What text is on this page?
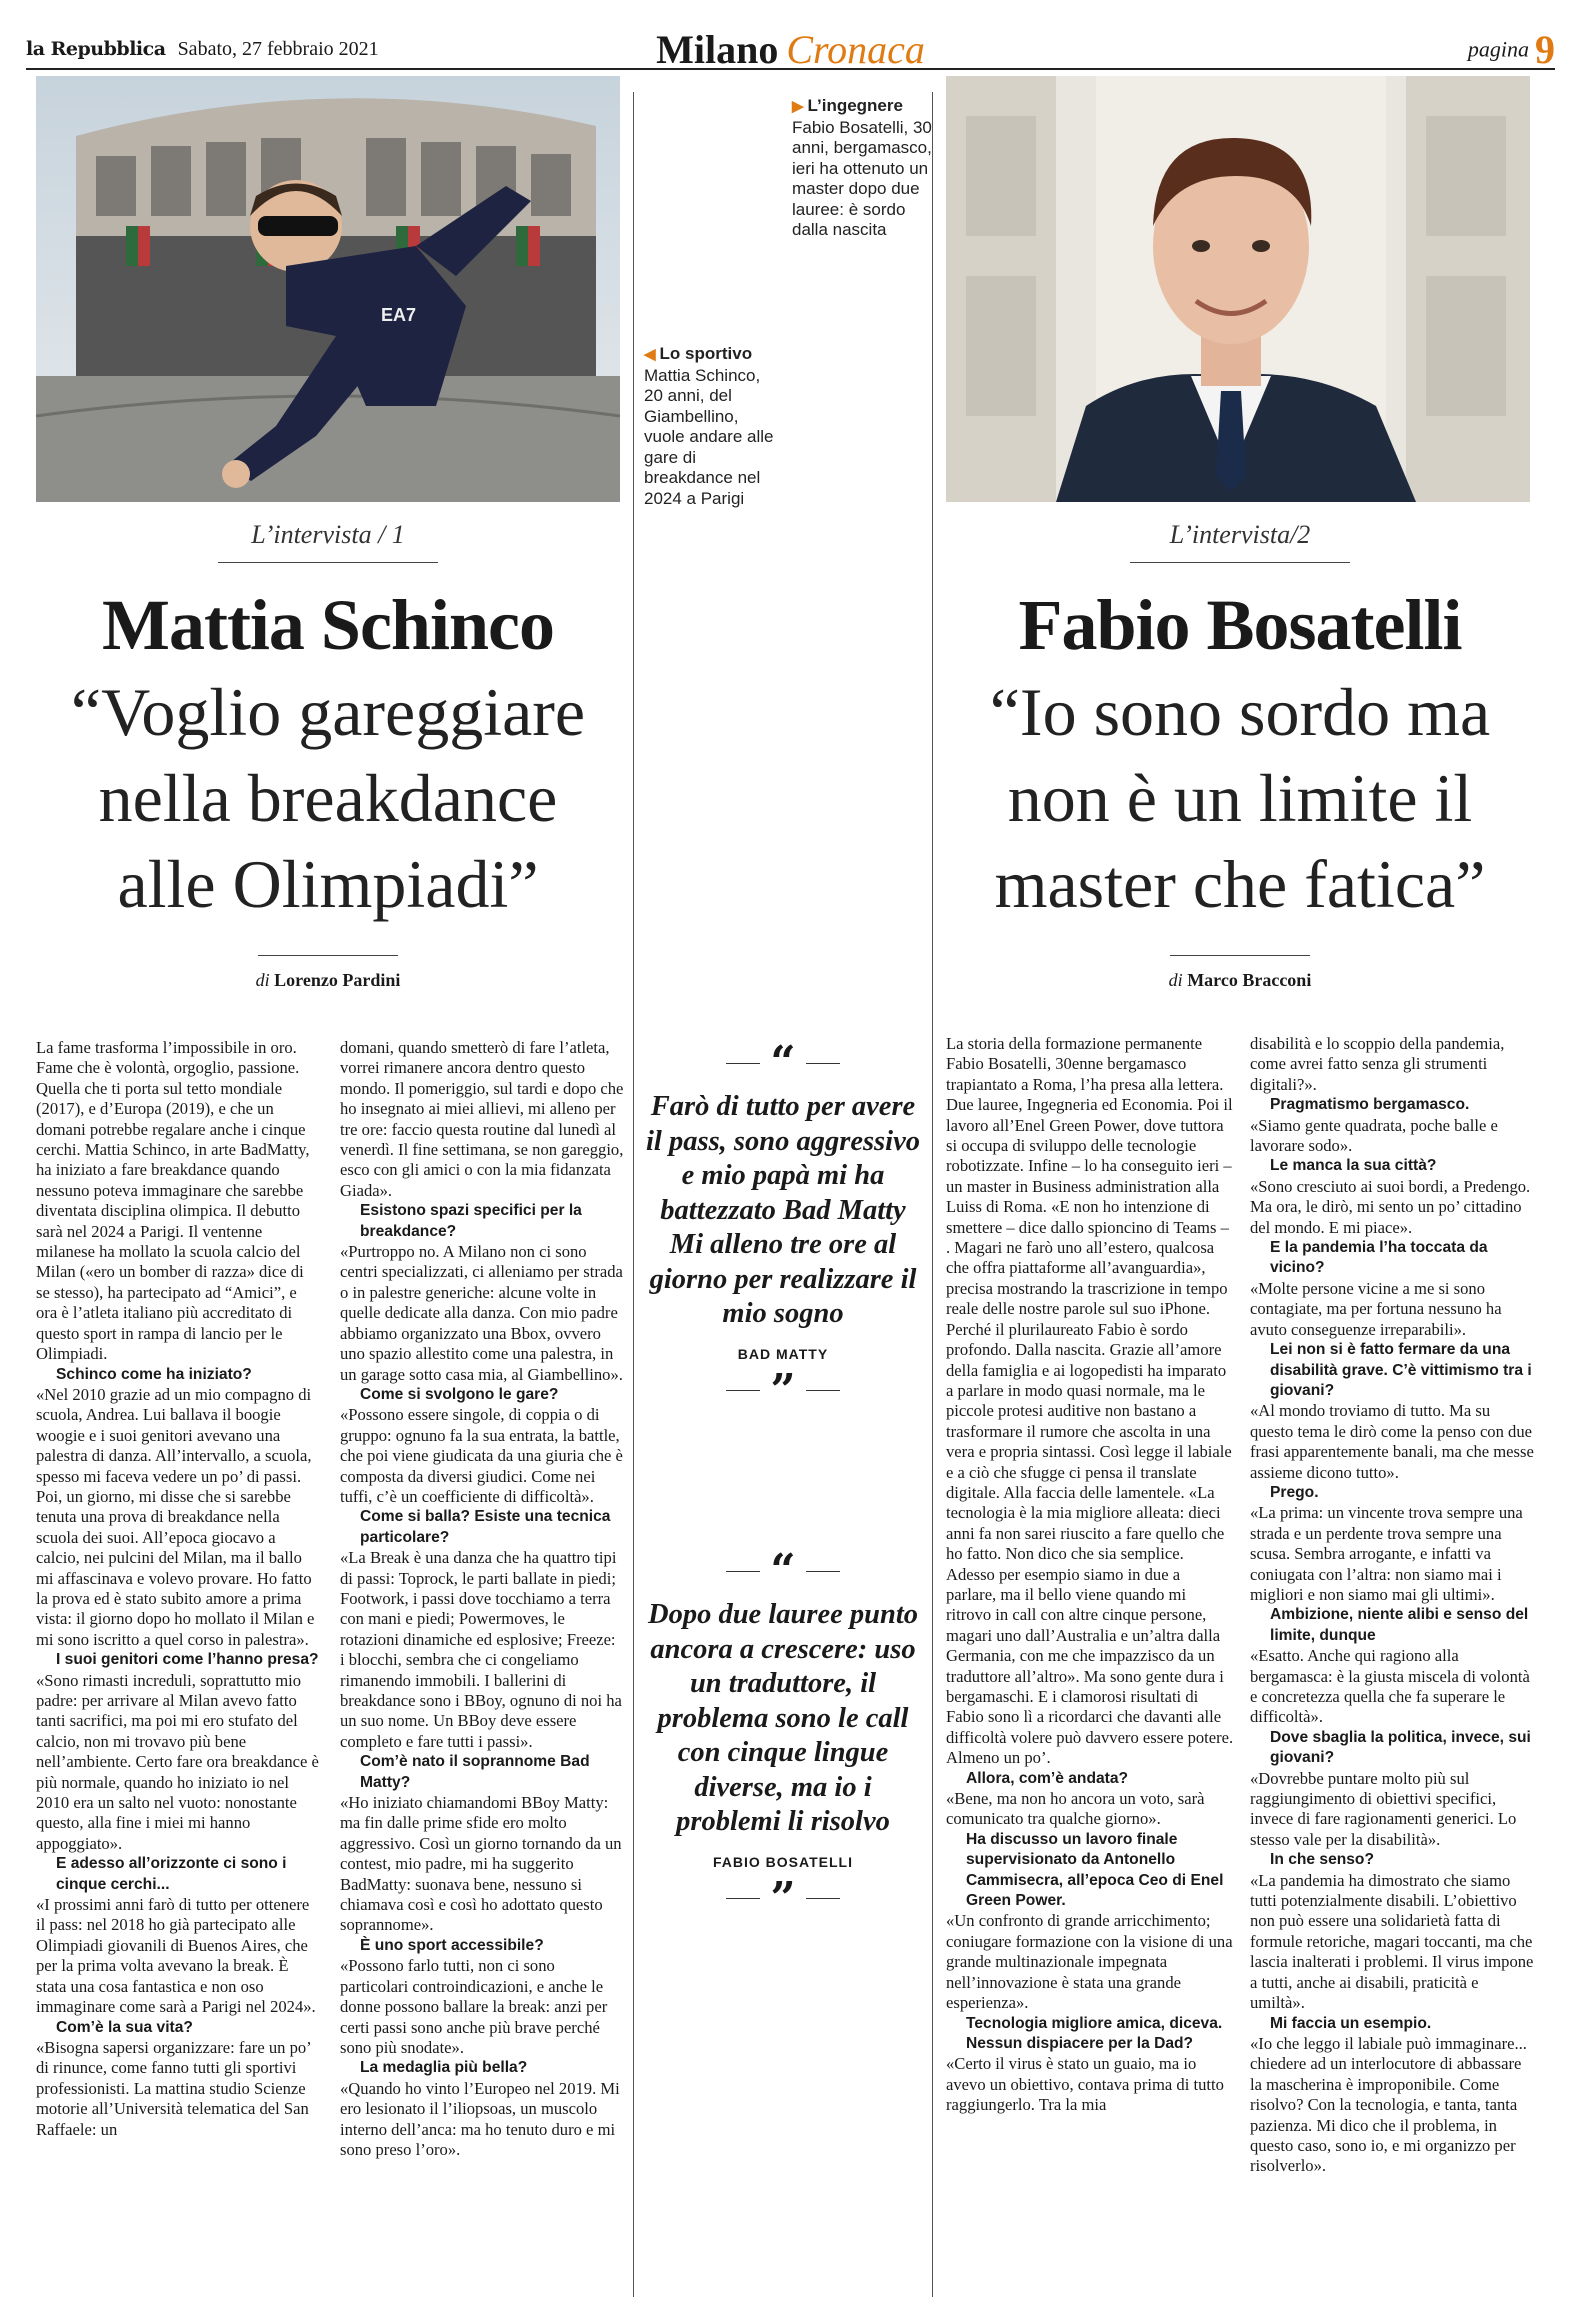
la Repubblica Sabato, 27 febbraio 2021	Milano Cronaca	pagina 9
EA7
▶ L’ingegnere
Fabio Bosatelli, 30 anni, bergamasco, ieri ha ottenuto un master dopo due lauree: è sordo dalla nascita
◀ Lo sportivo
Mattia Schinco, 20 anni, del Giambellino, vuole andare alle gare di breakdance nel 2024 a Parigi
L’intervista / 1
Mattia Schinco
“Voglio gareggiare nella breakdance alle Olimpiadi”
di Lorenzo Pardini
L’intervista/2
Fabio Bosatelli
“Io sono sordo ma non è un limite il master che fatica”
di Marco Bracconi

La fame trasforma l’impossibile in oro. Fame che è volontà, orgoglio, passione. Quella che ti porta sul tetto mondiale (2017), e d’Europa (2019), e che un domani potrebbe regalare anche i cinque cerchi. Mattia Schinco, in arte BadMatty, ha iniziato a fare breakdance quando nessuno poteva immaginare che sarebbe diventata disciplina olimpica. Il debutto sarà nel 2024 a Parigi. Il ventenne milanese ha mollato la scuola calcio del Milan («ero un bomber di razza» dice di se stesso), ha partecipato ad “Amici”, e ora è l’atleta italiano più accreditato di questo sport in rampa di lancio per le Olimpiadi.

Schinco come ha iniziato?

«Nel 2010 grazie ad un mio compagno di scuola, Andrea. Lui ballava il boogie woogie e i suoi genitori avevano una palestra di danza. All’intervallo, a scuola, spesso mi faceva vedere un po’ di passi. Poi, un giorno, mi disse che si sarebbe tenuta una prova di breakdance nella scuola dei suoi. All’epoca giocavo a calcio, nei pulcini del Milan, ma il ballo mi affascinava e volevo provare. Ho fatto la prova ed è stato subito amore a prima vista: il giorno dopo ho mollato il Milan e mi sono iscritto a quel corso in palestra».

I suoi genitori come l’hanno presa?

«Sono rimasti increduli, soprattutto mio padre: per arrivare al Milan avevo fatto tanti sacrifici, ma poi mi ero stufato del calcio, non mi trovavo più bene nell’ambiente. Certo fare ora breakdance è più normale, quando ho iniziato io nel 2010 era un salto nel vuoto: nonostante questo, alla fine i miei mi hanno appoggiato».

E adesso all’orizzonte ci sono i cinque cerchi...

«I prossimi anni farò di tutto per ottenere il pass: nel 2018 ho già partecipato alle Olimpiadi giovanili di Buenos Aires, che per la prima volta avevano la break. È stata una cosa fantastica e non oso immaginare come sarà a Parigi nel 2024».

Com’è la sua vita?

«Bisogna sapersi organizzare: fare un po’ di rinunce, come fanno tutti gli sportivi professionisti. La mattina studio Scienze motorie all’Università telematica del San Raffaele: un

domani, quando smetterò di fare l’atleta, vorrei rimanere ancora dentro questo mondo. Il pomeriggio, sul tardi e dopo che ho insegnato ai miei allievi, mi alleno per tre ore: faccio questa routine dal lunedì al venerdì. Il fine settimana, se non gareggio, esco con gli amici o con la mia fidanzata Giada».

Esistono spazi specifici per la breakdance?

«Purtroppo no. A Milano non ci sono centri specializzati, ci alleniamo per strada o in palestre generiche: alcune volte in quelle dedicate alla danza. Con mio padre abbiamo organizzato una Bbox, ovvero uno spazio allestito come una palestra, in un garage sotto casa mia, al Giambellino».

Come si svolgono le gare?

«Possono essere singole, di coppia o di gruppo: ognuno fa la sua entrata, la battle, che poi viene giudicata da una giuria che è composta da diversi giudici. Come nei tuffi, c’è un coefficiente di difficoltà».

Come si balla? Esiste una tecnica particolare?

«La Break è una danza che ha quattro tipi di passi: Toprock, le parti ballate in piedi; Footwork, i passi dove tocchiamo a terra con mani e piedi; Powermoves, le rotazioni dinamiche ed esplosive; Freeze: i blocchi, sembra che ci congeliamo rimanendo immobili. I ballerini di breakdance sono i BBoy, ognuno di noi ha un suo nome. Un BBoy deve essere completo e fare tutti i passi».

Com’è nato il soprannome Bad Matty?

«Ho iniziato chiamandomi BBoy Matty: ma fin dalle prime sfide ero molto aggressivo. Così un giorno tornando da un contest, mio padre, mi ha suggerito BadMatty: suonava bene, nessuno si chiamava così e così ho adottato questo soprannome».

È uno sport accessibile?

«Possono farlo tutti, non ci sono particolari controindicazioni, e anche le donne possono ballare la break: anzi per certi passi sono anche più brave perché sono più snodate».

La medaglia più bella?

«Quando ho vinto l’Europeo nel 2019. Mi ero lesionato il l’iliopsoas, un muscolo interno dell’anca: ma ho tenuto duro e mi sono preso l’oro».

La storia della formazione permanente Fabio Bosatelli, 30enne bergamasco trapiantato a Roma, l’ha presa alla lettera. Due lauree, Ingegneria ed Economia. Poi il lavoro all’Enel Green Power, dove tuttora si occupa di sviluppo delle tecnologie robotizzate. Infine – lo ha conseguito ieri – un master in Business administration alla Luiss di Roma. «E non ho intenzione di smettere – dice dallo spioncino di Teams – . Magari ne farò uno all’estero, qualcosa che offra piattaforme all’avanguardia», precisa mostrando la trascrizione in tempo reale delle nostre parole sul suo iPhone. Perché il plurilaureato Fabio è sordo profondo. Dalla nascita. Grazie all’amore della famiglia e ai logopedisti ha imparato a parlare in modo quasi normale, ma le piccole protesi auditive non bastano a trasformare il rumore che ascolta in una vera e propria sintassi. Così legge il labiale e a ciò che sfugge ci pensa il translate digitale. Alla faccia delle lamentele. «La tecnologia è la mia migliore alleata: dieci anni fa non sarei riuscito a fare quello che ho fatto. Non dico che sia semplice. Adesso per esempio siamo in due a parlare, ma il bello viene quando mi ritrovo in call con altre cinque persone, magari uno dall’Australia e un’altra dalla Germania, con me che impazzisco da un traduttore all’altro». Ma sono gente dura i bergamaschi. E i clamorosi risultati di Fabio sono lì a ricordarci che davanti alle difficoltà volere può davvero essere potere. Almeno un po’.

Allora, com’è andata?

«Bene, ma non ho ancora un voto, sarà comunicato tra qualche giorno».

Ha discusso un lavoro finale supervisionato da Antonello Cammisecra, all’epoca Ceo di Enel Green Power.

«Un confronto di grande arricchimento; coniugare formazione con la visione di una grande multinazionale impegnata nell’innovazione è stata una grande esperienza».

Tecnologia migliore amica, diceva. Nessun dispiacere per la Dad?

«Certo il virus è stato un guaio, ma io avevo un obiettivo, contava prima di tutto raggiungerlo. Tra la mia

disabilità e lo scoppio della pandemia, come avrei fatto senza gli strumenti digitali?».

Pragmatismo bergamasco.

«Siamo gente quadrata, poche balle e lavorare sodo».

Le manca la sua città?

«Sono cresciuto ai suoi bordi, a Predengo. Ma ora, le dirò, mi sento un po’ cittadino del mondo. E mi piace».

E la pandemia l’ha toccata da vicino?

«Molte persone vicine a me si sono contagiate, ma per fortuna nessuno ha avuto conseguenze irreparabili».

Lei non si è fatto fermare da una disabilità grave. C’è vittimismo tra i giovani?

«Al mondo troviamo di tutto. Ma su questo tema le dirò come la penso con due frasi apparentemente banali, ma che messe assieme dicono tutto».

Prego.

«La prima: un vincente trova sempre una strada e un perdente trova sempre una scusa. Sembra arrogante, e infatti va coniugata con l’altra: non siamo mai i migliori e non siamo mai gli ultimi».

Ambizione, niente alibi e senso del limite, dunque

«Esatto. Anche qui ragiono alla bergamasca: è la giusta miscela di volontà e concretezza quella che fa superare le difficoltà».

Dove sbaglia la politica, invece, sui giovani?

«Dovrebbe puntare molto più sul raggiungimento di obiettivi specifici, invece di fare ragionamenti generici. Lo stesso vale per la disabilità».

In che senso?

«La pandemia ha dimostrato che siamo tutti potenzialmente disabili. L’obiettivo non può essere una solidarietà fatta di formule retoriche, magari toccanti, ma che lascia inalterati i problemi. Il virus impone a tutti, anche ai disabili, praticità e umiltà».

Mi faccia un esempio.

«Io che leggo il labiale può immaginare... chiedere ad un interlocutore di abbassare la mascherina è improponibile. Come risolvo? Con la tecnologia, e tanta, tanta pazienza. Mi dico che il problema, in questo caso, sono io, e mi organizzo per risolverlo».

“
Farò di tutto per avere il pass, sono aggressivo e mio papà mi ha battezzato Bad Matty Mi alleno tre ore al giorno per realizzare il mio sogno
BAD MATTY
”
“
Dopo due lauree punto ancora a crescere: uso un traduttore, il problema sono le call con cinque lingue diverse, ma io i problemi li risolvo
FABIO BOSATELLI
”
